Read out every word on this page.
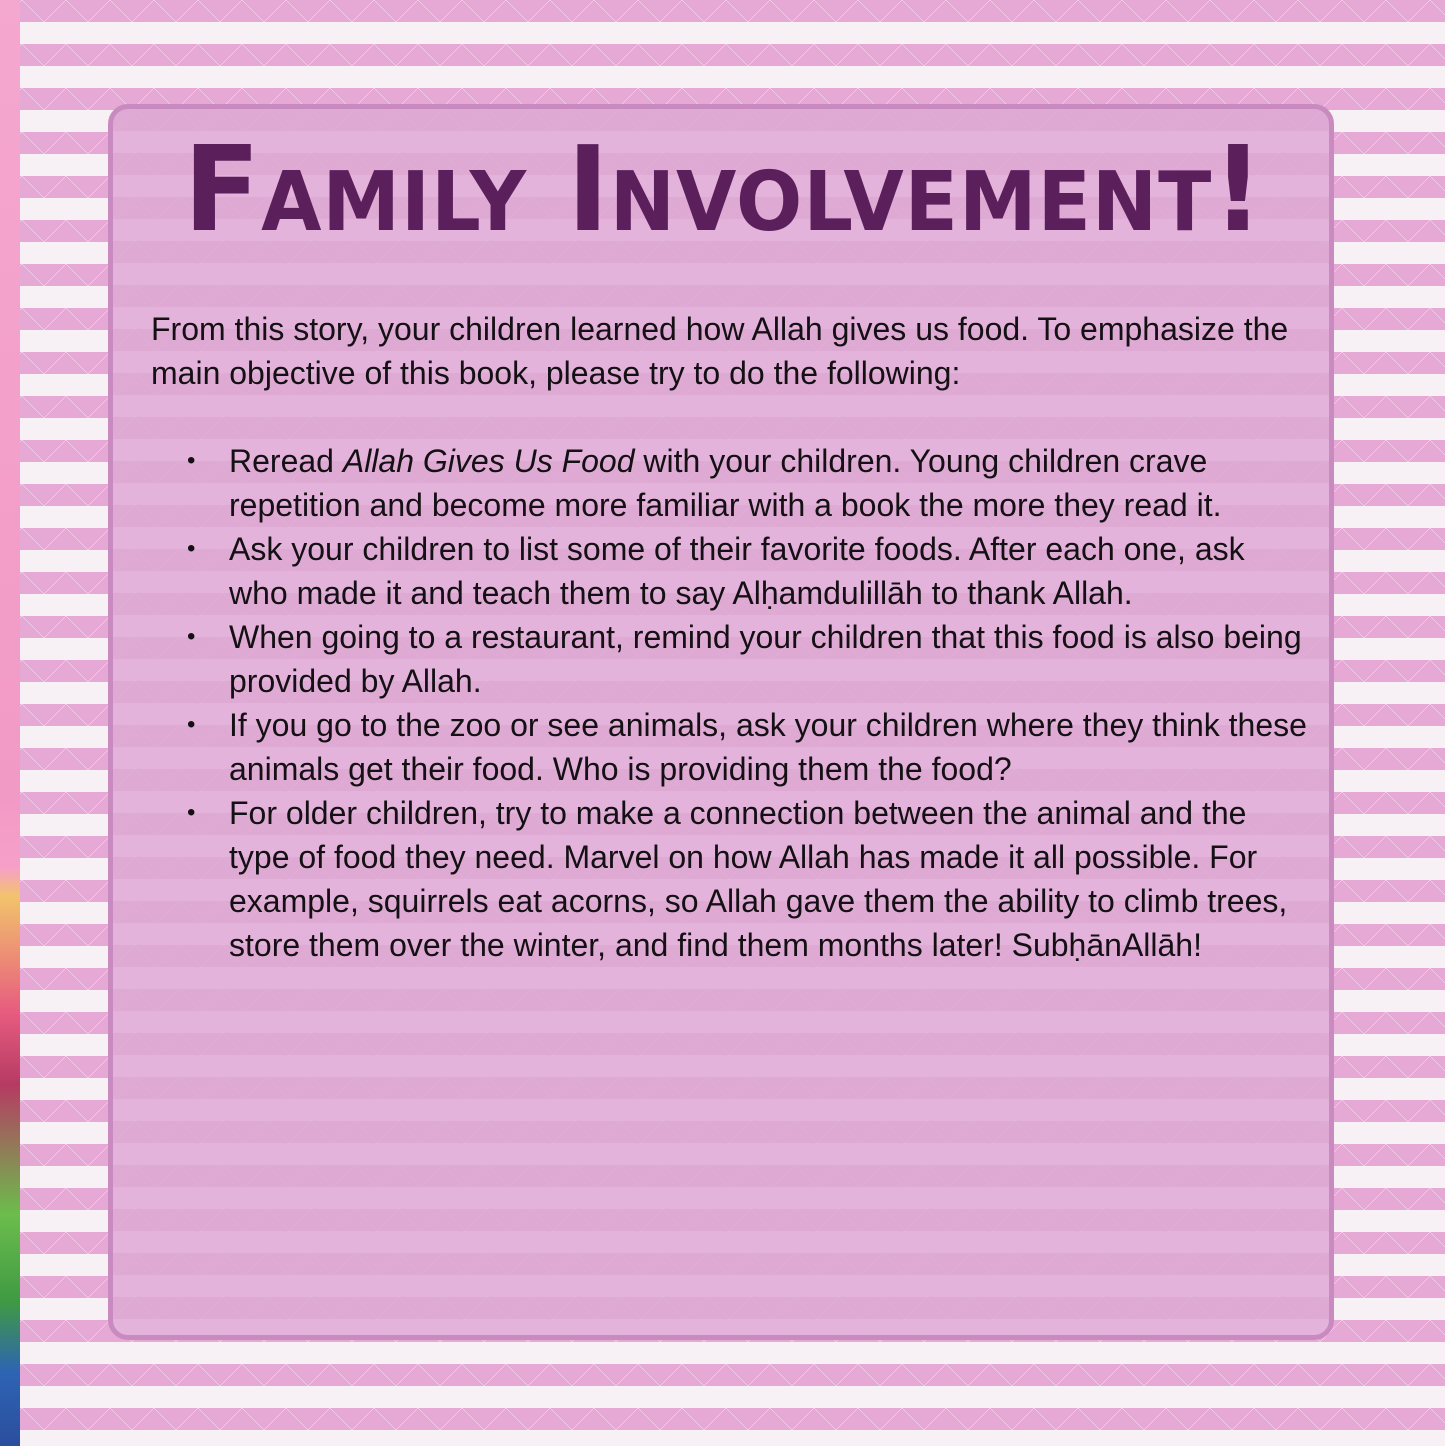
Family Involvement!

From this story, your children learned how Allah gives us food. To emphasize the main objective of this book, please try to do the following:

• Reread Allah Gives Us Food with your children. Young children crave repetition and become more familiar with a book the more they read it.
• Ask your children to list some of their favorite foods. After each one, ask who made it and teach them to say Alḥamdulillāh to thank Allah.
• When going to a restaurant, remind your children that this food is also being provided by Allah.
• If you go to the zoo or see animals, ask your children where they think these animals get their food. Who is providing them the food?
• For older children, try to make a connection between the animal and the type of food they need. Marvel on how Allah has made it all possible. For example, squirrels eat acorns, so Allah gave them the ability to climb trees, store them over the winter, and find them months later! SubḥānAllāh!
